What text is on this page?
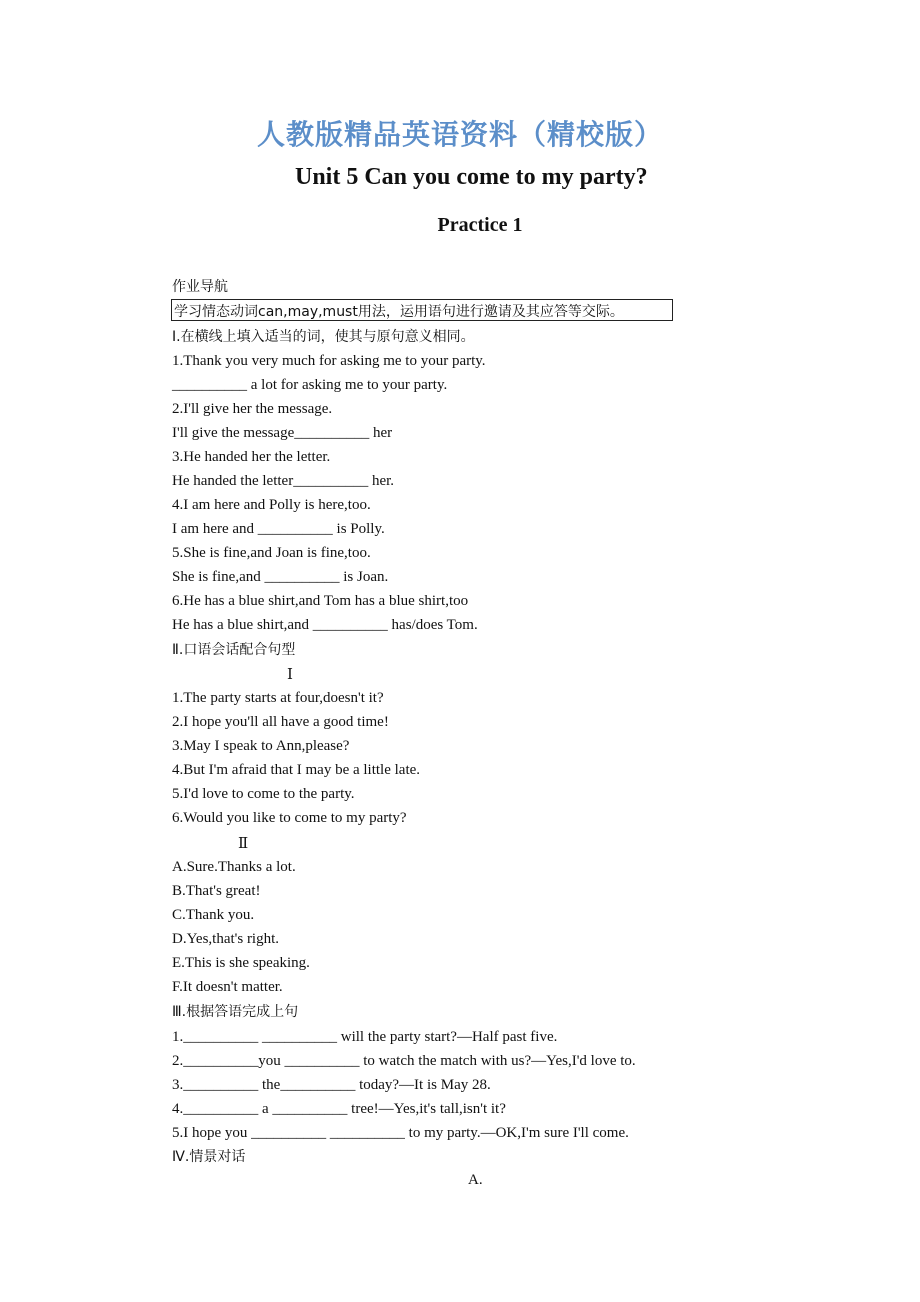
人教版精品英语资料（精校版）
Unit 5 Can you come to my party?
Practice 1
作业导航
学习情态动词can,may,must用法，运用语句进行邀请及其应答等交际。
Ⅰ.在横线上填入适当的词，使其与原句意义相同。
1.Thank you very much for asking me to your party.
__________ a lot for asking me to your party.
2.I'll give her the message.
I'll give the message__________ her
3.He handed her the letter.
He handed the letter__________ her.
4.I am here and Polly is here,too.
I am here and __________ is Polly.
5.She is fine,and Joan is fine,too.
She is fine,and __________ is Joan.
6.He has a blue shirt,and Tom has a blue shirt,too
He has a blue shirt,and __________ has/does Tom.
Ⅱ.口语会话配合句型
Ⅰ
1.The party starts at four,doesn't it?
2.I hope you'll all have a good time!
3.May I speak to Ann,please?
4.But I'm afraid that I may be a little late.
5.I'd love to come to the party.
6.Would you like to come to my party?
Ⅱ
A.Sure.Thanks a lot.
B.That's great!
C.Thank you.
D.Yes,that's right.
E.This is she speaking.
F.It doesn't matter.
Ⅲ.根据答语完成上句
1.__________ __________ will the party start?—Half past five.
2.__________you __________ to watch the match with us?—Yes,I'd love to.
3.__________ the__________ today?—It is May 28.
4.__________ a __________ tree!—Yes,it's tall,isn't it?
5.I hope you __________ __________ to my party.—OK,I'm sure I'll come.
Ⅳ.情景对话
A.
